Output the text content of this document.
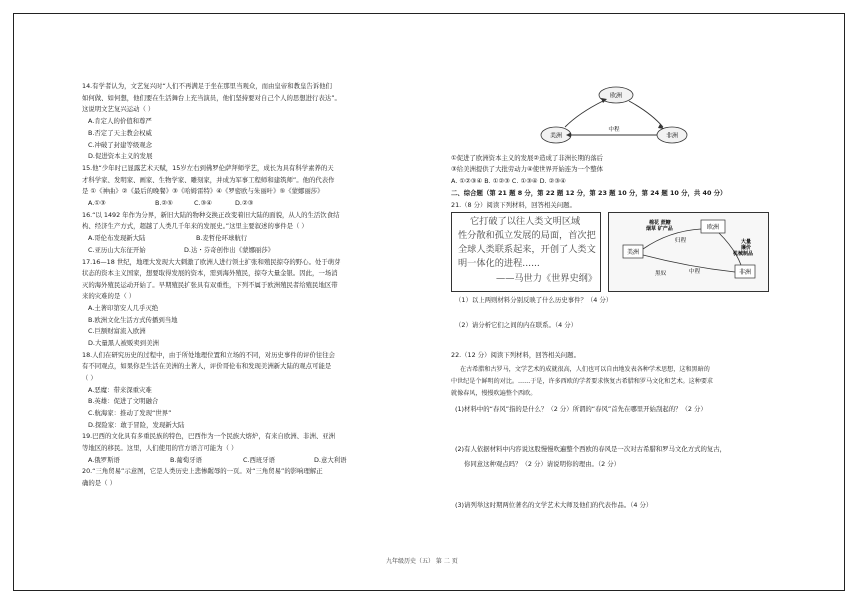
14.有学者认为，文艺复兴时“人们不再满足于坐在那里当观众，而由皇帝和教皇告诉他们
如何做、如何想，他们要在生活舞台上充当演员，他们坚持要对自己个人的思想进行表达”。
这说明文艺复兴运动（ ）
A.肯定人的价值和尊严
B.否定了天主教会权威
C.冲破了封建等级观念
D.促进资本主义的发展
15.他“少年时已显露艺术天赋，15岁左右到佛罗伦萨拜师学艺，成长为具有科学素养的天
才科学家、发明家、画家、生物学家、雕刻家，并成为军事工程师和建筑师”。他的代表作
是 ①《神曲》②《最后的晚餐》③《哈姆雷特》④《罗密欧与朱丽叶》⑤《蒙娜丽莎》
A.①③	B.②⑤	C.③④	D.②③
16.“以 1492 年作为分界，新旧大陆的物种交换正改变着旧大陆的面貌，从人的生活饮食结
构、经济生产方式，超越了人类几千年来的发展史。”这里主要叙述的事件是（ ）
A.哥伦布发现新大陆	B.麦哲伦环球航行
C.亚历山大东征开始	D.达・芬奇创作出《蒙娜丽莎》
17.16—18 世纪，地理大发现大大刺激了欧洲人进行领土扩张和殖民掠夺的野心。处于萌芽
状态的资本主义国家，想要取得发展的资本，需到海外殖民，掠夺大量金银。因此，一场消
灭的海外殖民运动开始了。早期殖民扩张具有双重性，下列不属于欧洲殖民者给殖民地区带
来的灾难的是（ ）
A.土著印第安人几乎灭绝
B.欧洲文化生活方式传播到当地
C.巨额财富流入欧洲
D.大量黑人被贩卖到美洲
18.人们在研究历史的过程中，由于所处地理位置和立场的不同，对历史事件的评价往往会
有不同观点，如果你是生活在美洲的土著人，评价哥伦布和发现美洲新大陆的观点可能是
（ ）
A.恶魔：带来深重灾难
B.英雄：促进了文明融合
C.航海家：推动了发现“世界”
D.探险家：敢于冒险，发现新大陆
19.巴西的文化具有多重民族的特色，巴西作为一个民族大熔炉，有来自欧洲、非洲、亚洲
等地区的移民。这里，人们使用的官方语言可能为（ ）
A.俄罗斯语	B.葡萄牙语	C.西班牙语	D.意大利语
20.“三角贸易”示意图，它是人类历史上悲惨龌辱的一页。对“三角贸易”的影响理解正
确的是（ ）
欧洲
美洲	非洲
中程
①促进了欧洲资本主义的发展②造成了非洲长期的落后
③给美洲提供了大批劳动力④使世界开始连为一个整体
A. ①②③④ B. ①②③ C. ①③④ D. ②③④
二、综合题（第 21 题 8 分，第 22 题 12 分，第 23 题 10 分，第 24 题 10 分，共 40 分）
21.（8 分）阅读下列材料，回答相关问题。
它打破了以往人类文明区域
性分散和孤立发展的局面，首次把
全球人类联系起来，开创了人类文
明一体化的进程......
——马世力《世界史纲》
欧洲
美洲
非洲
棉花 蔗糖 烟草 矿产品
归程
中程
黑奴
大量 廉价 机械制品
（1）以上两则材料分别反映了什么历史事件？（4 分）
（2）请分析它们之间的内在联系。（4 分）
22.（12 分）阅读下列材料，回答相关问题。
在古希腊和古罗马，文学艺术的成就很高，人们也可以自由地发表各种学术思想，这和黑暗的
中世纪是个鲜明的对比。……于是，许多西欧的学者要求恢复古希腊和罗马文化和艺术。这种要求
就像春风，慢慢吹遍整个西欧。
(1)材料中的“春风”指的是什么？（2 分）所谓的“春风”首先在哪里开始刮起的？（2 分）
(2)有人依据材料中内容说这股慢慢吹遍整个西欧的春风是一次对古希腊和罗马文化方式的复古，
你同意这种观点吗？（2 分）请说明你的理由。（2 分）
(3)请列举这时期两位著名的文学艺术大师及他们的代表作品。（4 分）
九年级历史（五） 第 二 页
